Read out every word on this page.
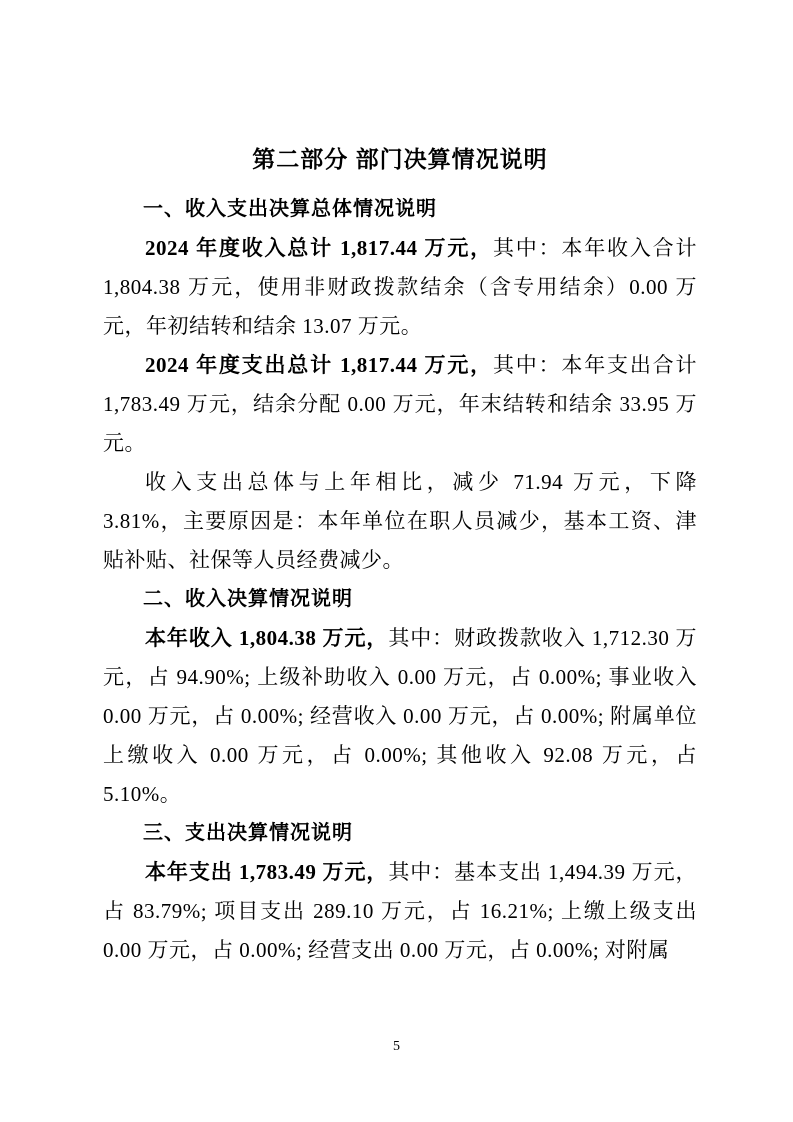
第二部分 部门决算情况说明
一、收入支出决算总体情况说明

2024 年度收入总计 1,817.44 万元，其中：本年收入合计 1,804.38 万元，使用非财政拨款结余（含专用结余）0.00 万元，年初结转和结余 13.07 万元。

2024 年度支出总计 1,817.44 万元，其中：本年支出合计 1,783.49 万元，结余分配 0.00 万元，年末结转和结余 33.95 万元。

收入支出总体与上年相比，减少 71.94 万元，下降 3.81%，主要原因是：本年单位在职人员减少，基本工资、津贴补贴、社保等人员经费减少。

二、收入决算情况说明

本年收入 1,804.38 万元，其中：财政拨款收入 1,712.30 万元，占 94.90%; 上级补助收入 0.00 万元，占 0.00%; 事业收入 0.00 万元，占 0.00%; 经营收入 0.00 万元，占 0.00%; 附属单位上缴收入 0.00 万元，占 0.00%; 其他收入 92.08 万元，占 5.10%。

三、支出决算情况说明

本年支出 1,783.49 万元，其中：基本支出 1,494.39 万元，占 83.79%; 项目支出 289.10 万元，占 16.21%; 上缴上级支出 0.00 万元，占 0.00%; 经营支出 0.00 万元，占 0.00%; 对附属

5
